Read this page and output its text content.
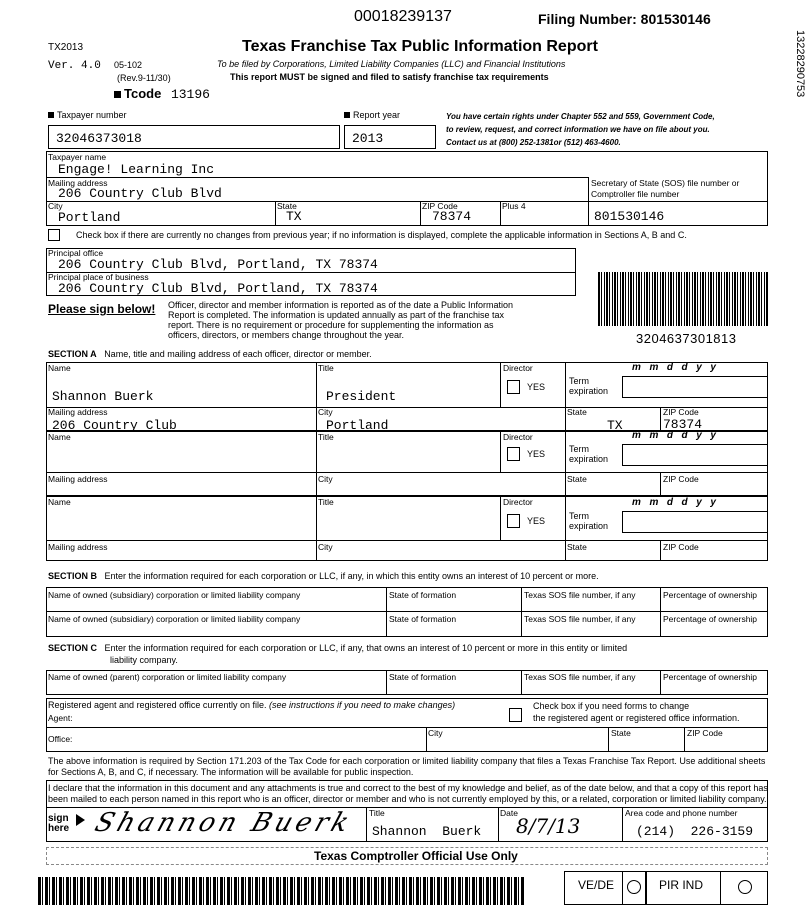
00018239137	Filing Number: 801530146
13228290753
TX2013
Ver. 4.0 05-102
(Rev.9-11/30)
Tcode 13196
Texas Franchise Tax Public Information Report
To be filed by Corporations, Limited Liability Companies (LLC) and Financial Institutions
This report MUST be signed and filed to satisfy franchise tax requirements
Taxpayer number
32046373018
Report year
2013
You have certain rights under Chapter 552 and 559, Government Code,
to review, request, and correct information we have on file about you.
Contact us at (800) 252-1381or (512) 463-4600.
Taxpayer name
Engage! Learning Inc
Mailing address
206 Country Club Blvd
Secretary of State (SOS) file number or
Comptroller file number
City
Portland
State
TX
ZIP Code
78374
Plus 4
801530146
Check box if there are currently no changes from previous year; if no information is displayed, complete the applicable information in Sections A, B and C.
Principal office
206 Country Club Blvd, Portland, TX 78374
Principal place of business
206 Country Club Blvd, Portland, TX 78374
3204637301813
Please sign below! Officer, director and member information is reported as of the date a Public Information
Report is completed. The information is updated annually as part of the franchise tax
report. There is no requirement or procedure for supplementing the information as
officers, directors, or members change throughout the year.
SECTION A Name, title and mailing address of each officer, director or member.
Name	Title	Director
YES
Term
expiration
m  m  d  d  y  y
Shannon Buerk	President
Mailing address	City	State	ZIP Code
206 Country Club	Portland	TX	78374
Name	Title	Director
YES	Term
expiration
m  m  d  d  y  y
Mailing address	City	State	ZIP Code
Name	Title	Director
YES	Term
expiration
m  m  d  d  y  y
Mailing address	City	State	ZIP Code
SECTION B Enter the information required for each corporation or LLC, if any, in which this entity owns an interest of 10 percent or more.
Name of owned (subsidiary) corporation or limited liability company	State of formation	Texas SOS file number, if any	Percentage of ownership
Name of owned (subsidiary) corporation or limited liability company	State of formation	Texas SOS file number, if any	Percentage of ownership
SECTION C Enter the information required for each corporation or LLC, if any, that owns an interest of 10 percent or more in this entity or limited
liability company.
Name of owned (parent) corporation or limited liability company	State of formation	Texas SOS file number, if any	Percentage of ownership
Registered agent and registered office currently on file. (see instructions if you need to make changes)
Agent:
Check box if you need forms to change
the registered agent or registered office information.
Office:
City	State	ZIP Code
The above information is required by Section 171.203 of the Tax Code for each corporation or limited liability company that files a Texas Franchise Tax Report. Use additional sheets
for Sections A, B, and C, if necessary. The information will be available for public inspection.
I declare that the information in this document and any attachments is true and correct to the best of my knowledge and belief, as of the date below, and that a copy of this report has
been mailed to each person named in this report who is an officer, director or member and who is not currently employed by this, or a related, corporation or limited liability company.
sign
here Shannon Buerk Title
Shannon  Buerk
Date
8/7/13
Area code and phone number
(214)  226-3159
Texas Comptroller Official Use Only
VE/DE	PIR IND
